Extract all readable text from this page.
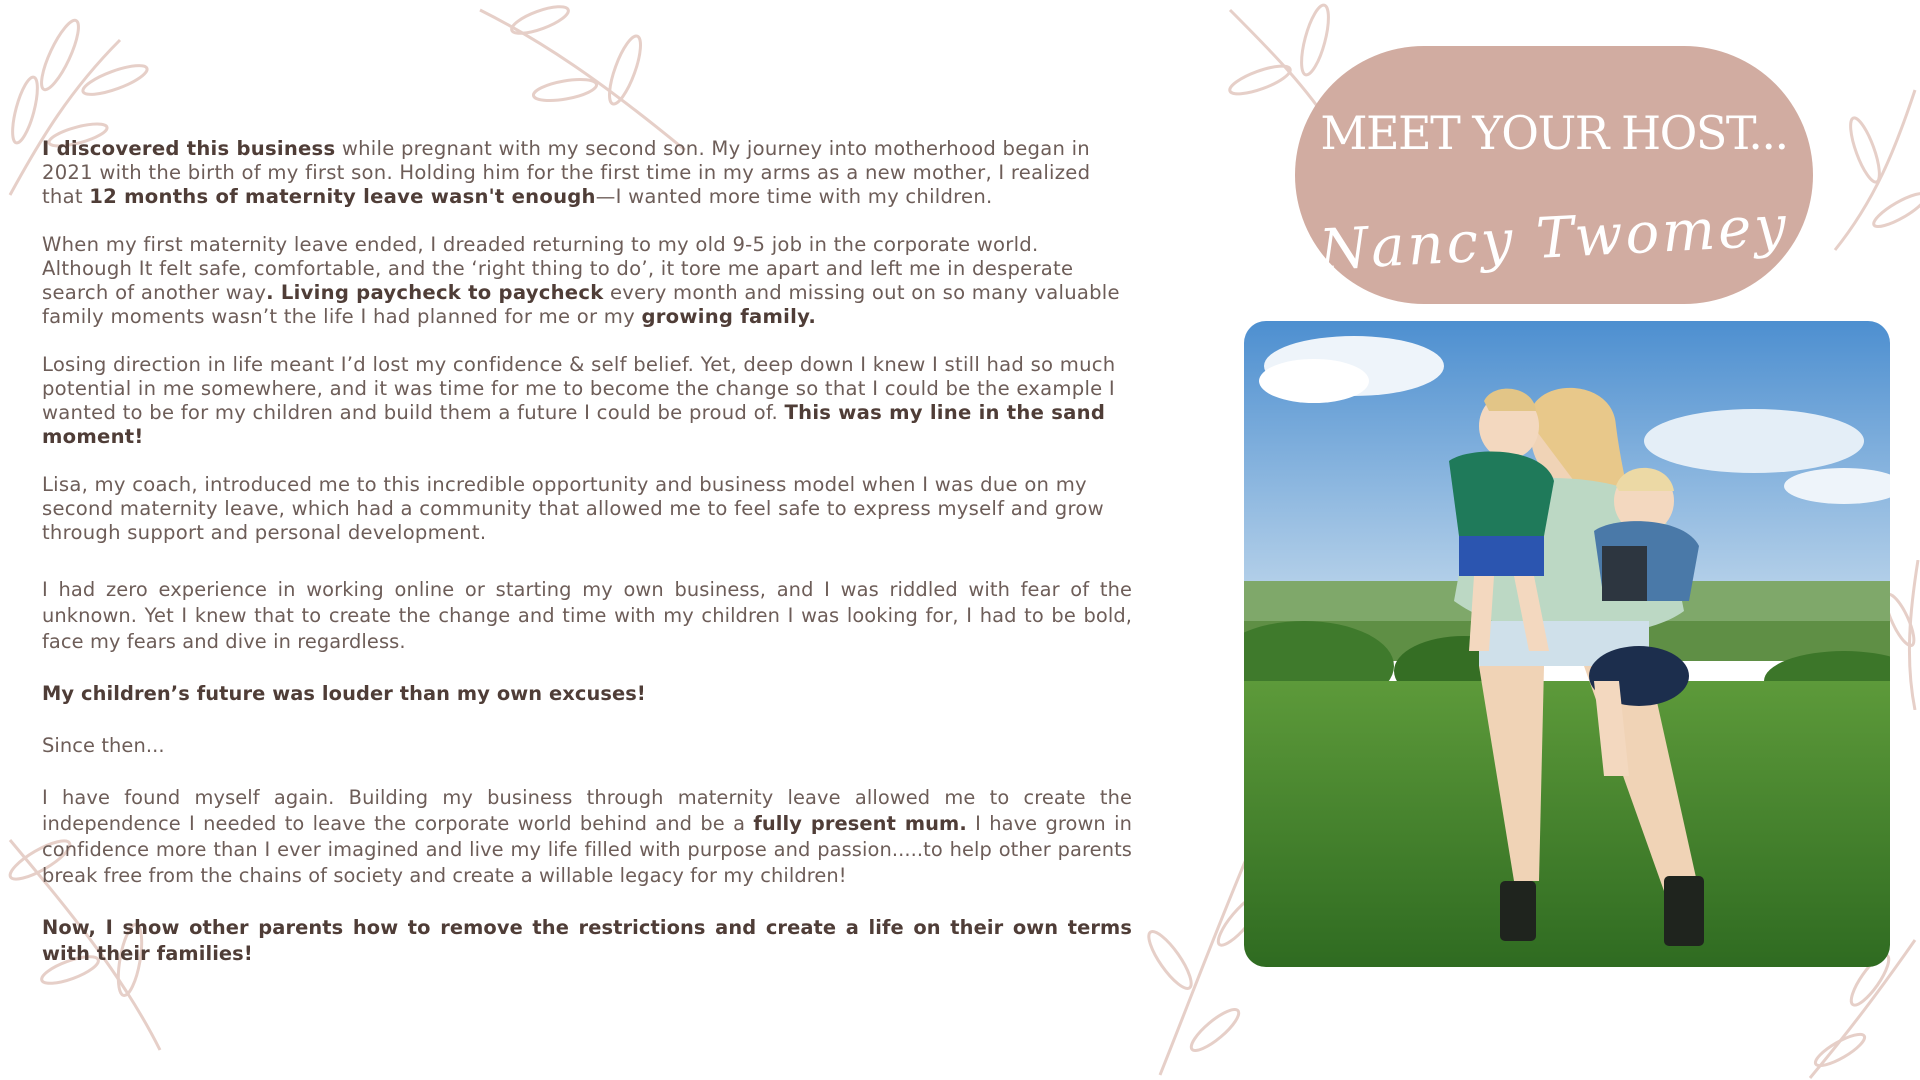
I discovered this business while pregnant with my second son. My journey into motherhood began in 2021 with the birth of my first son. Holding him for the first time in my arms as a new mother, I realized that 12 months of maternity leave wasn't enough—I wanted more time with my children.

When my first maternity leave ended, I dreaded returning to my old 9-5 job in the corporate world. Although It felt safe, comfortable, and the ‘right thing to do’, it tore me apart and left me in desperate search of another way. Living paycheck to paycheck every month and missing out on so many valuable family moments wasn’t the life I had planned for me or my growing family.

Losing direction in life meant I’d lost my confidence & self belief. Yet, deep down I knew I still had so much potential in me somewhere, and it was time for me to become the change so that I could be the example I wanted to be for my children and build them a future I could be proud of. This was my line in the sand moment!

Lisa, my coach, introduced me to this incredible opportunity and business model when I was due on my second maternity leave, which had a community that allowed me to feel safe to express myself and grow through support and personal development.

I had zero experience in working online or starting my own business, and I was riddled with fear of the unknown. Yet I knew that to create the change and time with my children I was looking for, I had to be bold, face my fears and dive in regardless.

My children’s future was louder than my own excuses!

Since then...

I have found myself again. Building my business through maternity leave allowed me to create the independence I needed to leave the corporate world behind and be a fully present mum. I have grown in confidence more than I ever imagined and live my life filled with purpose and passion.....to help other parents break free from the chains of society and create a willable legacy for my children!

Now, I show other parents how to remove the restrictions and create a life on their own terms with their families!

MEET YOUR HOST...
Nancy Twomey
